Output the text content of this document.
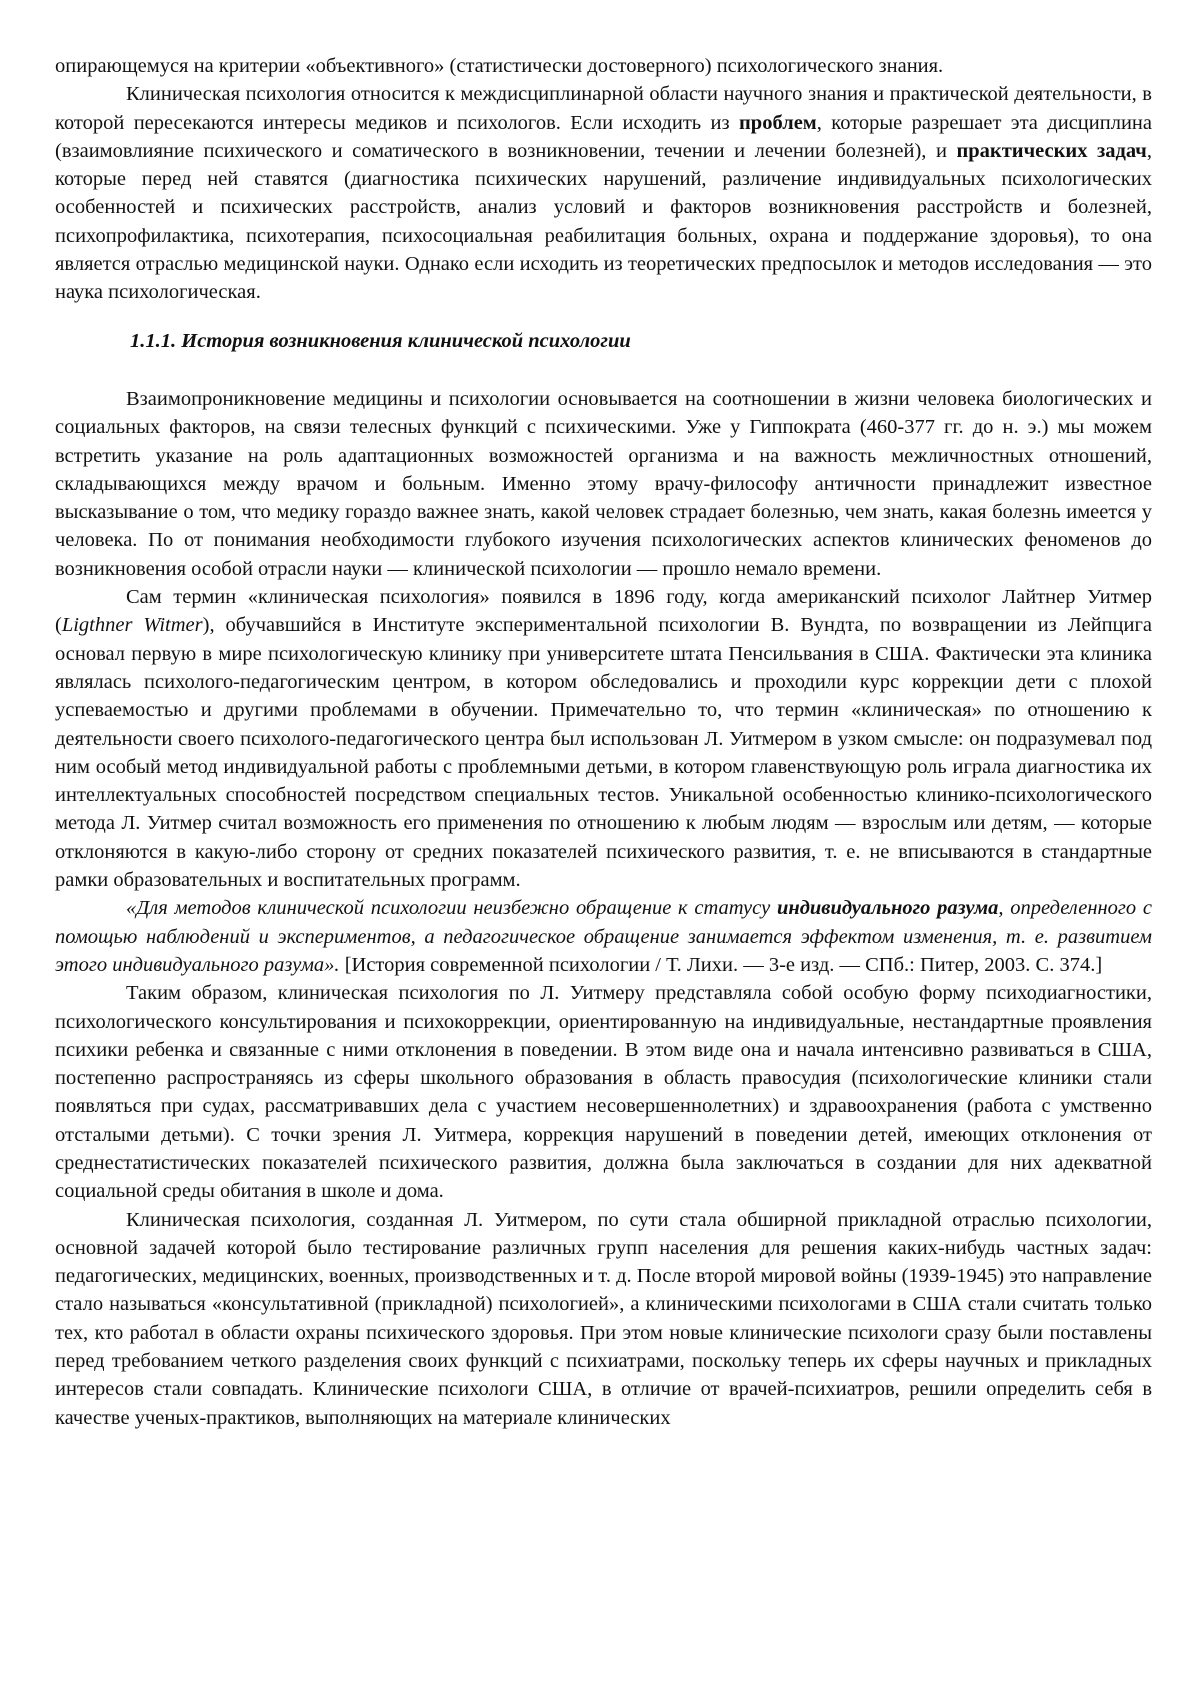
опирающемуся на критерии «объективного» (статистически достоверного) психологического знания.

Клиническая психология относится к междисциплинарной области научного знания и практической деятельности, в которой пересекаются интересы медиков и психологов. Если исходить из проблем, которые разрешает эта дисциплина (взаимовлияние психического и соматического в возникновении, течении и лечении болезней), и практических задач, которые перед ней ставятся (диагностика психических нарушений, различение индивидуальных психологических особенностей и психических расстройств, анализ условий и факторов возникновения расстройств и болезней, психопрофилактика, психотерапия, психосоциальная реабилитация больных, охрана и поддержание здоровья), то она является отраслью медицинской науки. Однако если исходить из теоретических предпосылок и методов исследования — это наука психологическая.

1.1.1. История возникновения клинической психологии

Взаимопроникновение медицины и психологии основывается на соотношении в жизни человека биологических и социальных факторов, на связи телесных функций с психическими. Уже у Гиппократа (460-377 гг. до н. э.) мы можем встретить указание на роль адаптационных возможностей организма и на важность межличностных отношений, складывающихся между врачом и больным. Именно этому врачу-философу античности принадлежит известное высказывание о том, что медику гораздо важнее знать, какой человек страдает болезнью, чем знать, какая болезнь имеется у человека. По от понимания необходимости глубокого изучения психологических аспектов клинических феноменов до возникновения особой отрасли науки — клинической психологии — прошло немало времени.

Сам термин «клиническая психология» появился в 1896 году, когда американский психолог Лайтнер Уитмер (Ligthner Witmer), обучавшийся в Институте экспериментальной психологии В. Вундта, по возвращении из Лейпцига основал первую в мире психологическую клинику при университете штата Пенсильвания в США. Фактически эта клиника являлась психолого-педагогическим центром, в котором обследовались и проходили курс коррекции дети с плохой успеваемостью и другими проблемами в обучении. Примечательно то, что термин «клиническая» по отношению к деятельности своего психолого-педагогического центра был использован Л. Уитмером в узком смысле: он подразумевал под ним особый метод индивидуальной работы с проблемными детьми, в котором главенствующую роль играла диагностика их интеллектуальных способностей посредством специальных тестов. Уникальной особенностью клинико-психологического метода Л. Уитмер считал возможность его применения по отношению к любым людям — взрослым или детям, — которые отклоняются в какую-либо сторону от средних показателей психического развития, т. е. не вписываются в стандартные рамки образовательных и воспитательных программ.

«Для методов клинической психологии неизбежно обращение к статусу индивидуального разума, определенного с помощью наблюдений и экспериментов, а педагогическое обращение занимается эффектом изменения, т. е. развитием этого индивидуального разума». [История современной психологии / Т. Лихи. — 3-е изд. — СПб.: Питер, 2003. С. 374.]

Таким образом, клиническая психология по Л. Уитмеру представляла собой особую форму психодиагностики, психологического консультирования и психокоррекции, ориентированную на индивидуальные, нестандартные проявления психики ребенка и связанные с ними отклонения в поведении. В этом виде она и начала интенсивно развиваться в США, постепенно распространяясь из сферы школьного образования в область правосудия (психологические клиники стали появляться при судах, рассматривавших дела с участием несовершеннолетних) и здравоохранения (работа с умственно отсталыми детьми). С точки зрения Л. Уитмера, коррекция нарушений в поведении детей, имеющих отклонения от среднестатистических показателей психического развития, должна была заключаться в создании для них адекватной социальной среды обитания в школе и дома.

Клиническая психология, созданная Л. Уитмером, по сути стала обширной прикладной отраслью психологии, основной задачей которой было тестирование различных групп населения для решения каких-нибудь частных задач: педагогических, медицинских, военных, производственных и т. д. После второй мировой войны (1939-1945) это направление стало называться «консультативной (прикладной) психологией», а клиническими психологами в США стали считать только тех, кто работал в области охраны психического здоровья. При этом новые клинические психологи сразу были поставлены перед требованием четкого разделения своих функций с психиатрами, поскольку теперь их сферы научных и прикладных интересов стали совпадать. Клинические психологи США, в отличие от врачей-психиатров, решили определить себя в качестве ученых-практиков, выполняющих на материале клинических
